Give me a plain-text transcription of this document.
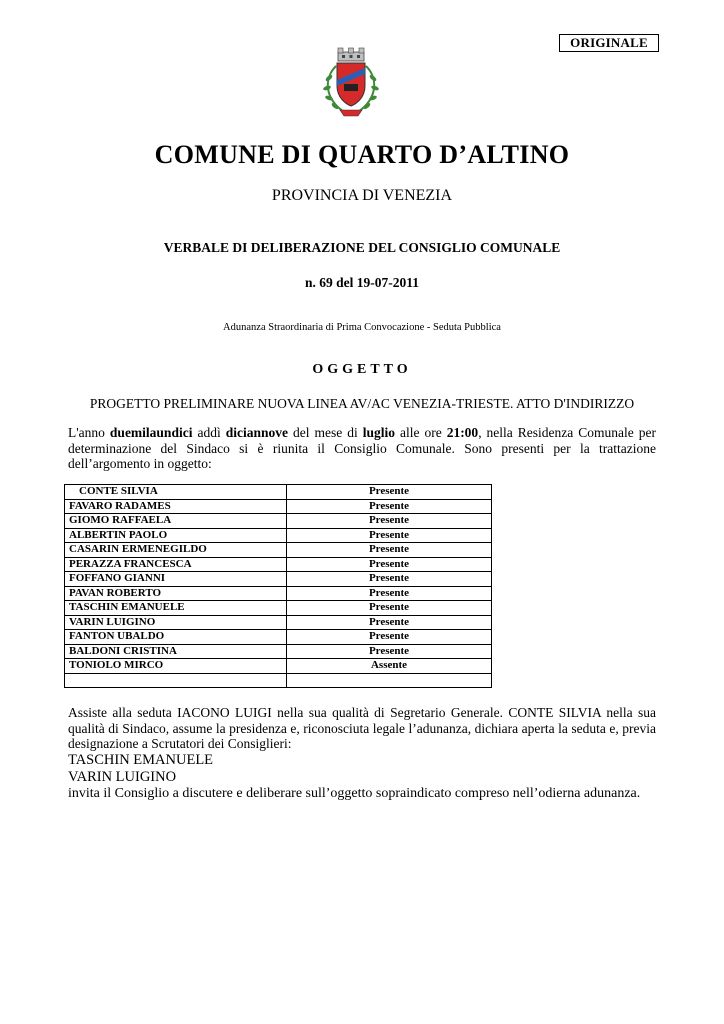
ORIGINALE
COMUNE DI QUARTO D’ALTINO
PROVINCIA DI VENEZIA
VERBALE DI DELIBERAZIONE DEL CONSIGLIO COMUNALE
n. 69 del 19-07-2011
Adunanza Straordinaria di Prima Convocazione - Seduta Pubblica
OGGETTO
PROGETTO PRELIMINARE NUOVA LINEA AV/AC VENEZIA-TRIESTE. ATTO D'INDIRIZZO
L'anno duemilaundici addì diciannove del mese di luglio alle ore 21:00, nella Residenza Comunale per determinazione del Sindaco si è riunita il Consiglio Comunale. Sono presenti per la trattazione dell’argomento in oggetto:
CONTE SILVIA	Presente
FAVARO RADAMES	Presente
GIOMO RAFFAELA	Presente
ALBERTIN PAOLO	Presente
CASARIN ERMENEGILDO	Presente
PERAZZA FRANCESCA	Presente
FOFFANO GIANNI	Presente
PAVAN ROBERTO	Presente
TASCHIN EMANUELE	Presente
VARIN LUIGINO	Presente
FANTON UBALDO	Presente
BALDONI CRISTINA	Presente
TONIOLO MIRCO	Assente

Assiste alla seduta IACONO LUIGI nella sua qualità di Segretario Generale. CONTE SILVIA nella sua qualità di Sindaco, assume la presidenza e, riconosciuta legale l’adunanza, dichiara aperta la seduta e, previa designazione a Scrutatori dei Consiglieri:
TASCHIN EMANUELE
VARIN LUIGINO
invita il Consiglio a discutere e deliberare sull’oggetto sopraindicato compreso nell’odierna adunanza.
